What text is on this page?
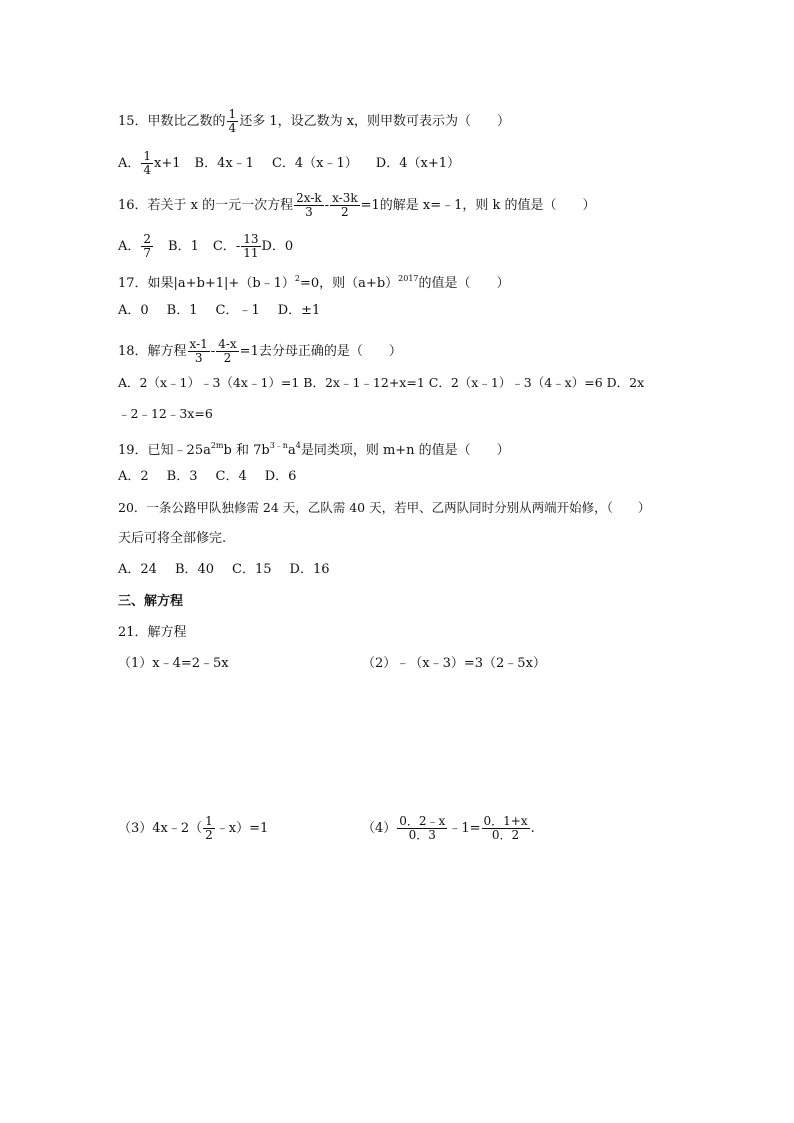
15．甲数比乙数的 $\frac{1}{4}$ 还多 1，设乙数为 x，则甲数可表示为（　　）
A． $\frac{1}{4} x+1$ B．4x﹣1 C．4（x﹣1） D．4（x+1）
16．若关于 x 的一元一次方程 $\frac{2x-k}{3} - \frac{x-3k}{2} =1$的解是 x=﹣1，则 k 的值是（　　）
A． $\frac{2}{7}$ B．1 C．- $\frac{13}{11}$ D．0
17．如果|a+b+1|+（b﹣1）$^2$=0，则$(a+b)^{2017}$的值是（　　）
A．0 B．1 C．﹣1 D．±1
18．解方程 $\frac{x-1}{3} - \frac{4-x}{2} =1$去分母正确的是（　　）
A．2（x﹣1）﹣3（4x﹣1）=1 B．2x﹣1﹣12+x=1 C．2（x﹣1）﹣3（4﹣x）=6 D．2x
﹣2﹣12﹣3x=6
19．已知$﹣25a^{2m}b$ 和 $7b^{3﹣n}a^4$是同类项，则 m+n 的值是（　　）
A．2 B．3 C．4 D．6
20．一条公路甲队独修需 24 天，乙队需 40 天，若甲、乙两队同时分别从两端开始修，（　　）
天后可将全部修完.
A．24 B．40 C．15 D．16
三、解方程
21．解方程
（1）x﹣4=2﹣5x	（2）﹣（x﹣3）=3（2﹣5x）
（3）4x﹣2（ $\frac{1}{2}$ ﹣x）=1	$(4) \frac{0.2﹣x}{0.3}$ ﹣1= $\frac{0.1+x}{0.2}$ .
